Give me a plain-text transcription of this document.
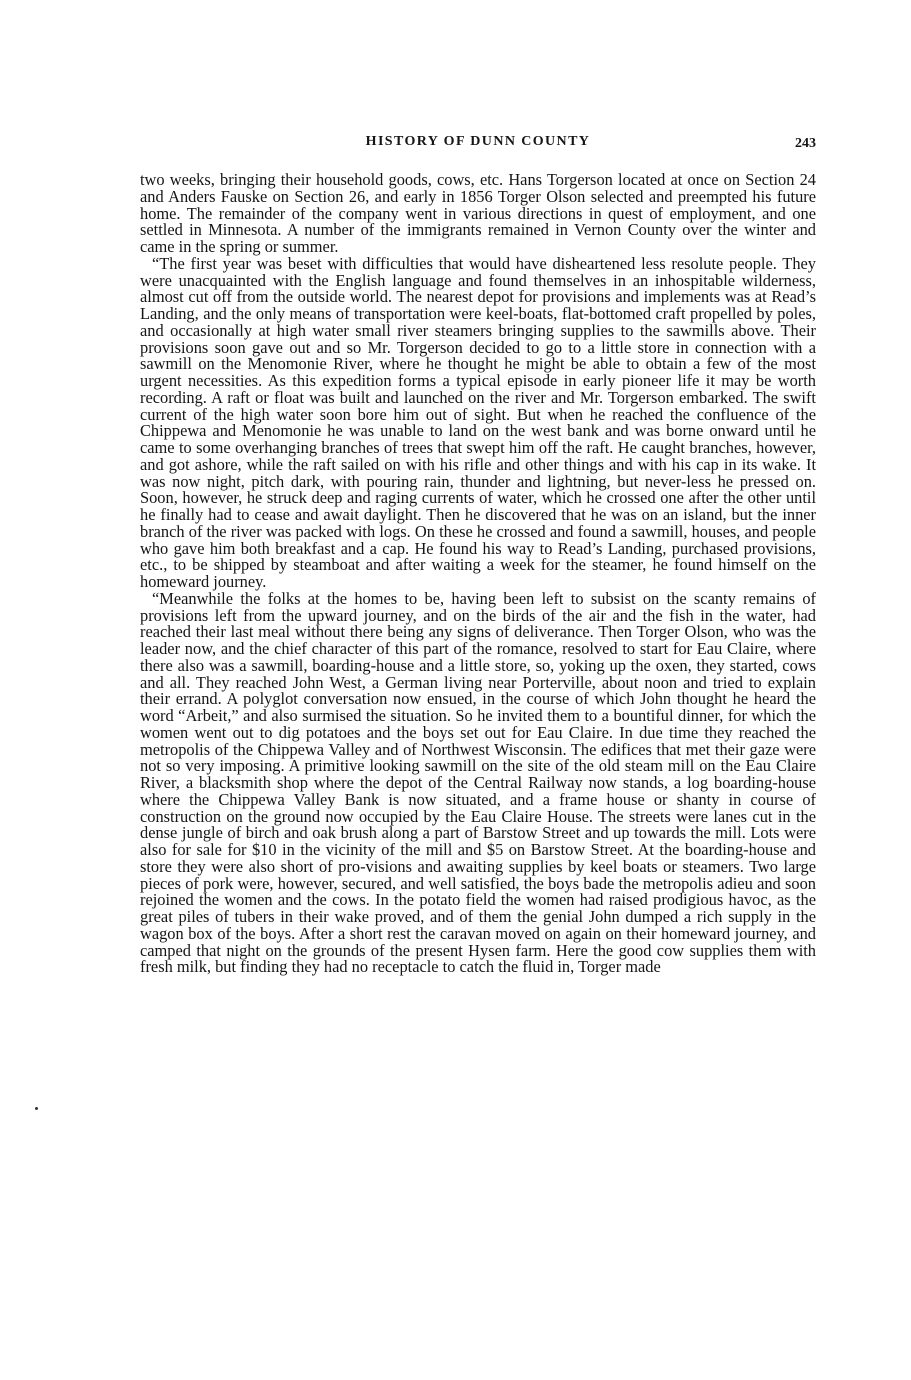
HISTORY OF DUNN COUNTY	243

two weeks, bringing their household goods, cows, etc. Hans Torgerson located at once on Section 24 and Anders Fauske on Section 26, and early in 1856 Torger Olson selected and preempted his future home. The remainder of the company went in various directions in quest of employment, and one settled in Minnesota. A number of the immigrants remained in Vernon County over the winter and came in the spring or summer.

“The first year was beset with difficulties that would have disheartened less resolute people. They were unacquainted with the English language and found themselves in an inhospitable wilderness, almost cut off from the outside world. The nearest depot for provisions and implements was at Read’s Landing, and the only means of transportation were keel-boats, flat-bottomed craft propelled by poles, and occasionally at high water small river steamers bringing supplies to the sawmills above. Their provisions soon gave out and so Mr. Torgerson decided to go to a little store in connection with a sawmill on the Menomonie River, where he thought he might be able to obtain a few of the most urgent necessities. As this expedition forms a typical episode in early pioneer life it may be worth recording. A raft or float was built and launched on the river and Mr. Torgerson embarked. The swift current of the high water soon bore him out of sight. But when he reached the confluence of the Chippewa and Menomonie he was unable to land on the west bank and was borne onward until he came to some overhanging branches of trees that swept him off the raft. He caught branches, however, and got ashore, while the raft sailed on with his rifle and other things and with his cap in its wake. It was now night, pitch dark, with pouring rain, thunder and lightning, but never-less he pressed on. Soon, however, he struck deep and raging currents of water, which he crossed one after the other until he finally had to cease and await daylight. Then he discovered that he was on an island, but the inner branch of the river was packed with logs. On these he crossed and found a sawmill, houses, and people who gave him both breakfast and a cap. He found his way to Read’s Landing, purchased provisions, etc., to be shipped by steamboat and after waiting a week for the steamer, he found himself on the homeward journey.

“Meanwhile the folks at the homes to be, having been left to subsist on the scanty remains of provisions left from the upward journey, and on the birds of the air and the fish in the water, had reached their last meal without there being any signs of deliverance. Then Torger Olson, who was the leader now, and the chief character of this part of the romance, resolved to start for Eau Claire, where there also was a sawmill, boarding-house and a little store, so, yoking up the oxen, they started, cows and all. They reached John West, a German living near Porterville, about noon and tried to explain their errand. A polyglot conversation now ensued, in the course of which John thought he heard the word “Arbeit,” and also surmised the situation. So he invited them to a bountiful dinner, for which the women went out to dig potatoes and the boys set out for Eau Claire. In due time they reached the metropolis of the Chippewa Valley and of Northwest Wisconsin. The edifices that met their gaze were not so very imposing. A primitive looking sawmill on the site of the old steam mill on the Eau Claire River, a blacksmith shop where the depot of the Central Railway now stands, a log boarding-house where the Chippewa Valley Bank is now situated, and a frame house or shanty in course of construction on the ground now occupied by the Eau Claire House. The streets were lanes cut in the dense jungle of birch and oak brush along a part of Barstow Street and up towards the mill. Lots were also for sale for $10 in the vicinity of the mill and $5 on Barstow Street. At the boarding-house and store they were also short of pro-visions and awaiting supplies by keel boats or steamers. Two large pieces of pork were, however, secured, and well satisfied, the boys bade the metropolis adieu and soon rejoined the women and the cows. In the potato field the women had raised prodigious havoc, as the great piles of tubers in their wake proved, and of them the genial John dumped a rich supply in the wagon box of the boys. After a short rest the caravan moved on again on their homeward journey, and camped that night on the grounds of the present Hysen farm. Here the good cow supplies them with fresh milk, but finding they had no receptacle to catch the fluid in, Torger made
